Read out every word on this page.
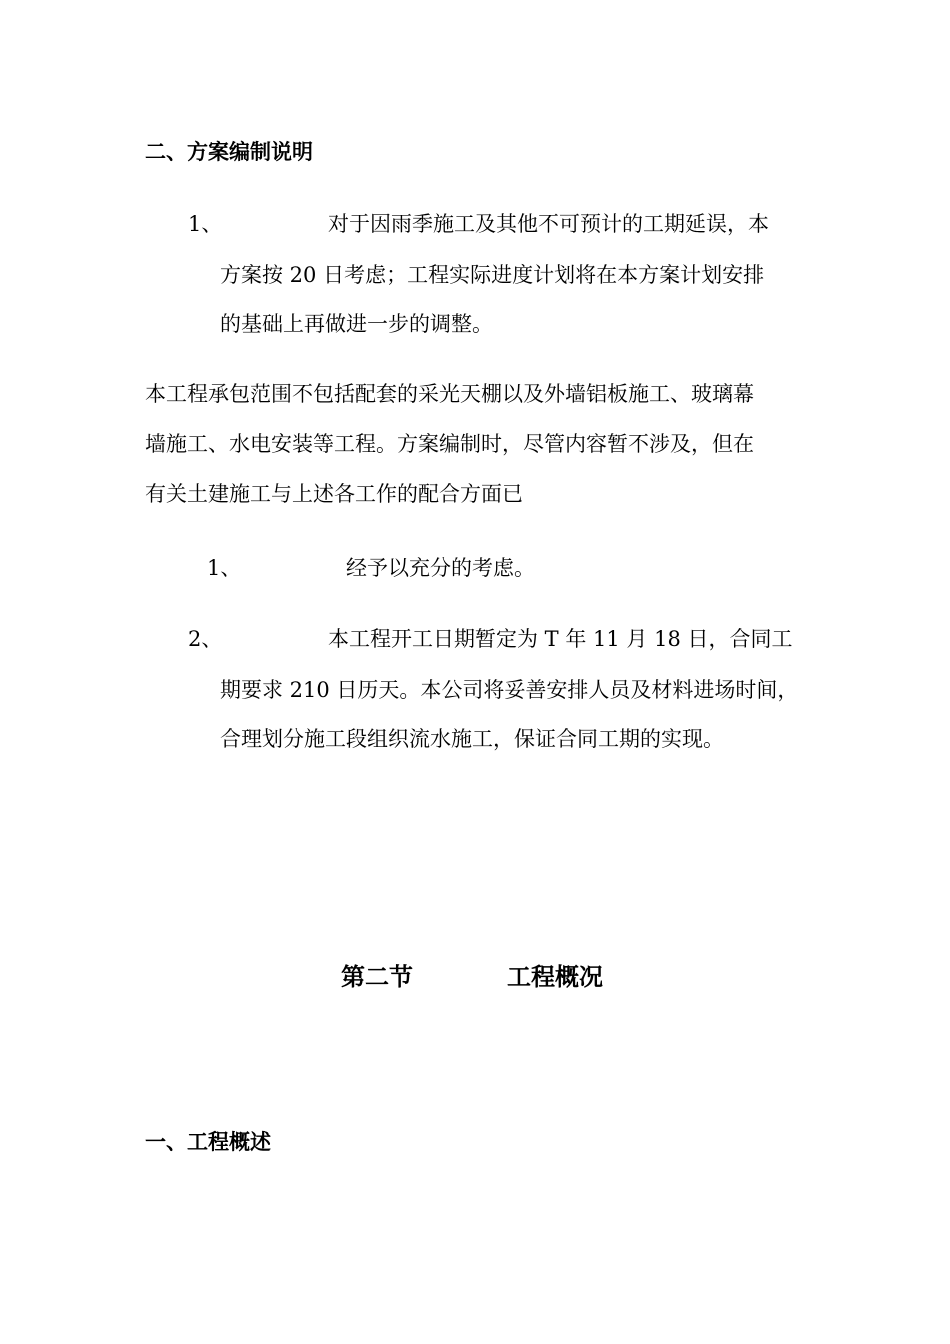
二、方案编制说明
1、	对于因雨季施工及其他不可预计的工期延误，本
方案按 20 日考虑；工程实际进度计划将在本方案计划安排
的基础上再做进一步的调整。
本工程承包范围不包括配套的采光天棚以及外墙铝板施工、玻璃幕
墙施工、水电安装等工程。方案编制时，尽管内容暂不涉及，但在
有关土建施工与上述各工作的配合方面已
1、	经予以充分的考虑。
2、	本工程开工日期暂定为 T 年 11 月 18 日，合同工
期要求 210 日历天。本公司将妥善安排人员及材料进场时间，
合理划分施工段组织流水施工，保证合同工期的实现。
第二节	工程概况
一、工程概述
